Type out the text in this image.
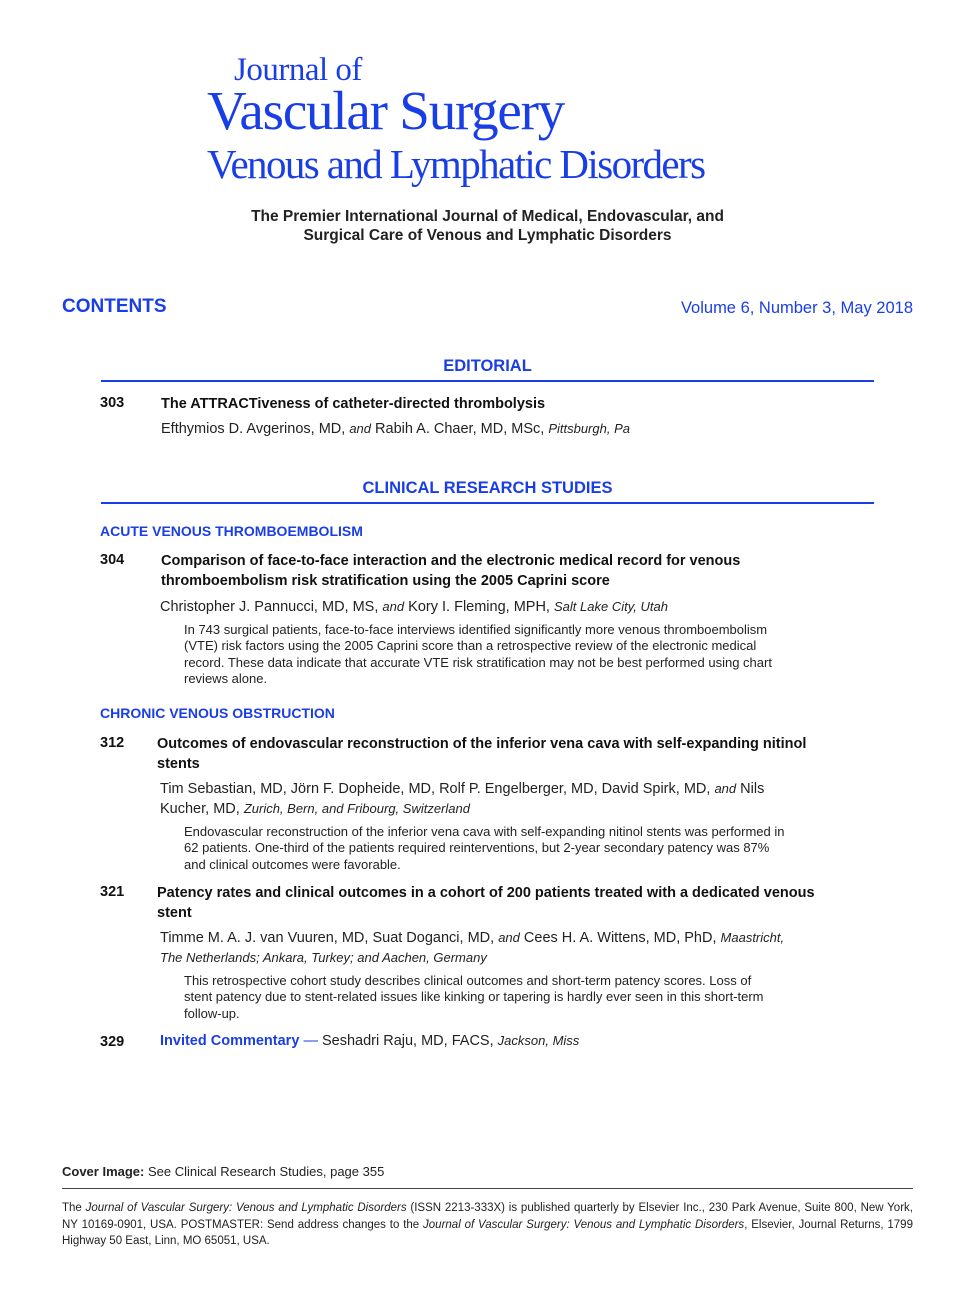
Journal of
Vascular Surgery
Venous and Lymphatic Disorders
The Premier International Journal of Medical, Endovascular, and
Surgical Care of Venous and Lymphatic Disorders
CONTENTS	Volume 6, Number 3, May 2018
EDITORIAL
303	The ATTRACTiveness of catheter-directed thrombolysis
Efthymios D. Avgerinos, MD, and Rabih A. Chaer, MD, MSc, Pittsburgh, Pa
CLINICAL RESEARCH STUDIES
ACUTE VENOUS THROMBOEMBOLISM
304	Comparison of face-to-face interaction and the electronic medical record for venous
thromboembolism risk stratification using the 2005 Caprini score
Christopher J. Pannucci, MD, MS, and Kory I. Fleming, MPH, Salt Lake City, Utah
In 743 surgical patients, face-to-face interviews identified significantly more venous thromboembolism
(VTE) risk factors using the 2005 Caprini score than a retrospective review of the electronic medical
record. These data indicate that accurate VTE risk stratification may not be best performed using chart
reviews alone.
CHRONIC VENOUS OBSTRUCTION
312 Outcomes of endovascular reconstruction of the inferior vena cava with self-expanding nitinol
stents
Tim Sebastian, MD, Jörn F. Dopheide, MD, Rolf P. Engelberger, MD, David Spirk, MD, and Nils
Kucher, MD, Zurich, Bern, and Fribourg, Switzerland
Endovascular reconstruction of the inferior vena cava with self-expanding nitinol stents was performed in
62 patients. One-third of the patients required reinterventions, but 2-year secondary patency was 87%
and clinical outcomes were favorable.
321 Patency rates and clinical outcomes in a cohort of 200 patients treated with a dedicated venous
stent
Timme M. A. J. van Vuuren, MD, Suat Doganci, MD, and Cees H. A. Wittens, MD, PhD, Maastricht,
The Netherlands; Ankara, Turkey; and Aachen, Germany
This retrospective cohort study describes clinical outcomes and short-term patency scores. Loss of
stent patency due to stent-related issues like kinking or tapering is hardly ever seen in this short-term
follow-up.
329 Invited Commentary — Seshadri Raju, MD, FACS, Jackson, Miss
Cover Image: See Clinical Research Studies, page 355
The Journal of Vascular Surgery: Venous and Lymphatic Disorders (ISSN 2213-333X) is published quarterly by Elsevier Inc., 230 Park Avenue, Suite 800, New York, NY 10169-0901, USA. POSTMASTER: Send address changes to the Journal of Vascular Surgery: Venous and Lymphatic Disorders, Elsevier, Journal Returns, 1799 Highway 50 East, Linn, MO 65051, USA.
